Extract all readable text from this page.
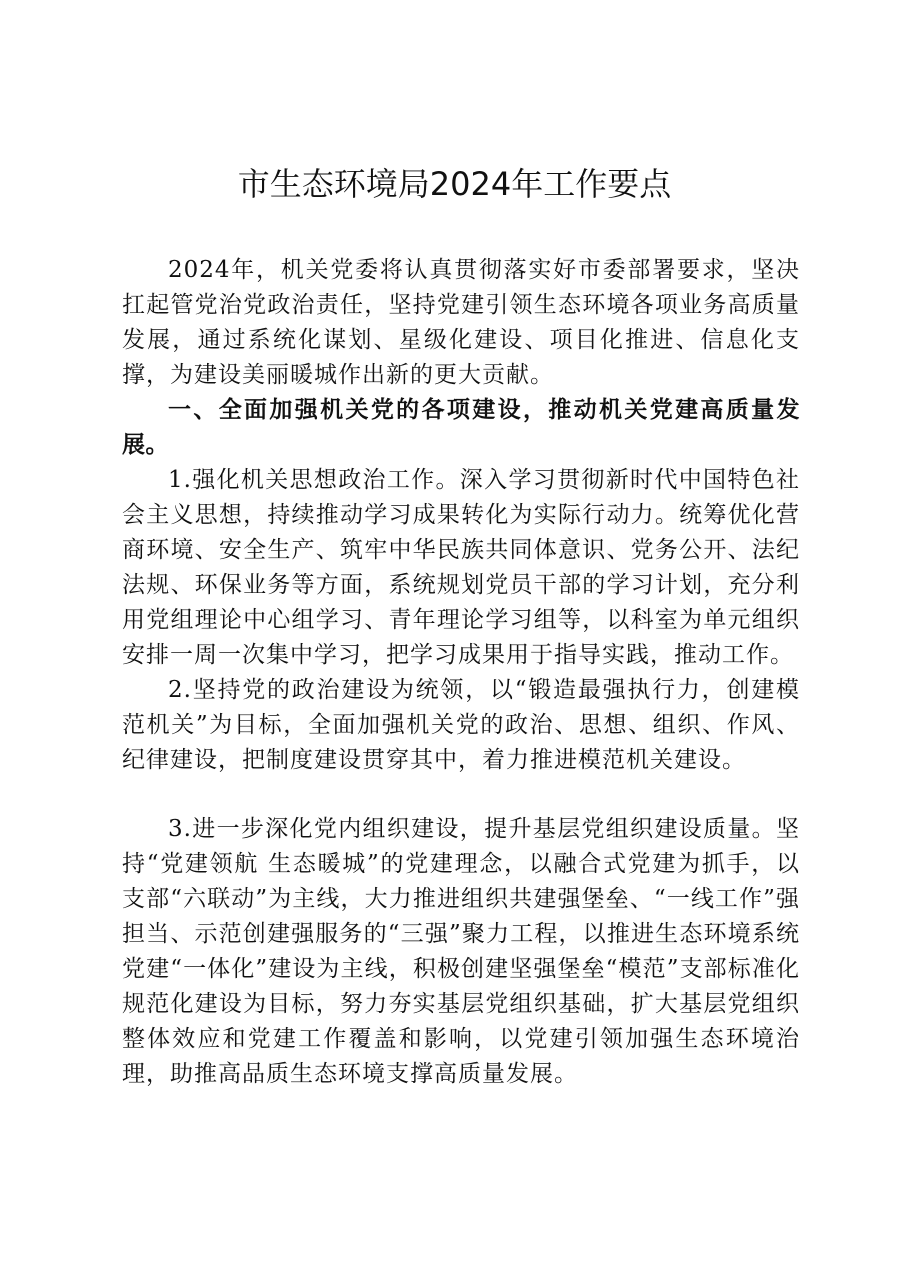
市生态环境局2024年工作要点

2024年，机关党委将认真贯彻落实好市委部署要求，坚决扛起管党治党政治责任，坚持党建引领生态环境各项业务高质量发展，通过系统化谋划、星级化建设、项目化推进、信息化支撑，为建设美丽暖城作出新的更大贡献。

一、全面加强机关党的各项建设，推动机关党建高质量发展。

1.强化机关思想政治工作。深入学习贯彻新时代中国特色社会主义思想，持续推动学习成果转化为实际行动力。统筹优化营商环境、安全生产、筑牢中华民族共同体意识、党务公开、法纪法规、环保业务等方面，系统规划党员干部的学习计划，充分利用党组理论中心组学习、青年理论学习组等，以科室为单元组织安排一周一次集中学习，把学习成果用于指导实践，推动工作。

2.坚持党的政治建设为统领，以“锻造最强执行力，创建模范机关”为目标，全面加强机关党的政治、思想、组织、作风、纪律建设，把制度建设贯穿其中，着力推进模范机关建设。

3.进一步深化党内组织建设，提升基层党组织建设质量。坚持“党建领航 生态暖城”的党建理念，以融合式党建为抓手，以支部“六联动”为主线，大力推进组织共建强堡垒、“一线工作”强担当、示范创建强服务的“三强”聚力工程，以推进生态环境系统党建“一体化”建设为主线，积极创建坚强堡垒“模范”支部标准化规范化建设为目标，努力夯实基层党组织基础，扩大基层党组织整体效应和党建工作覆盖和影响，以党建引领加强生态环境治理，助推高品质生态环境支撑高质量发展。
